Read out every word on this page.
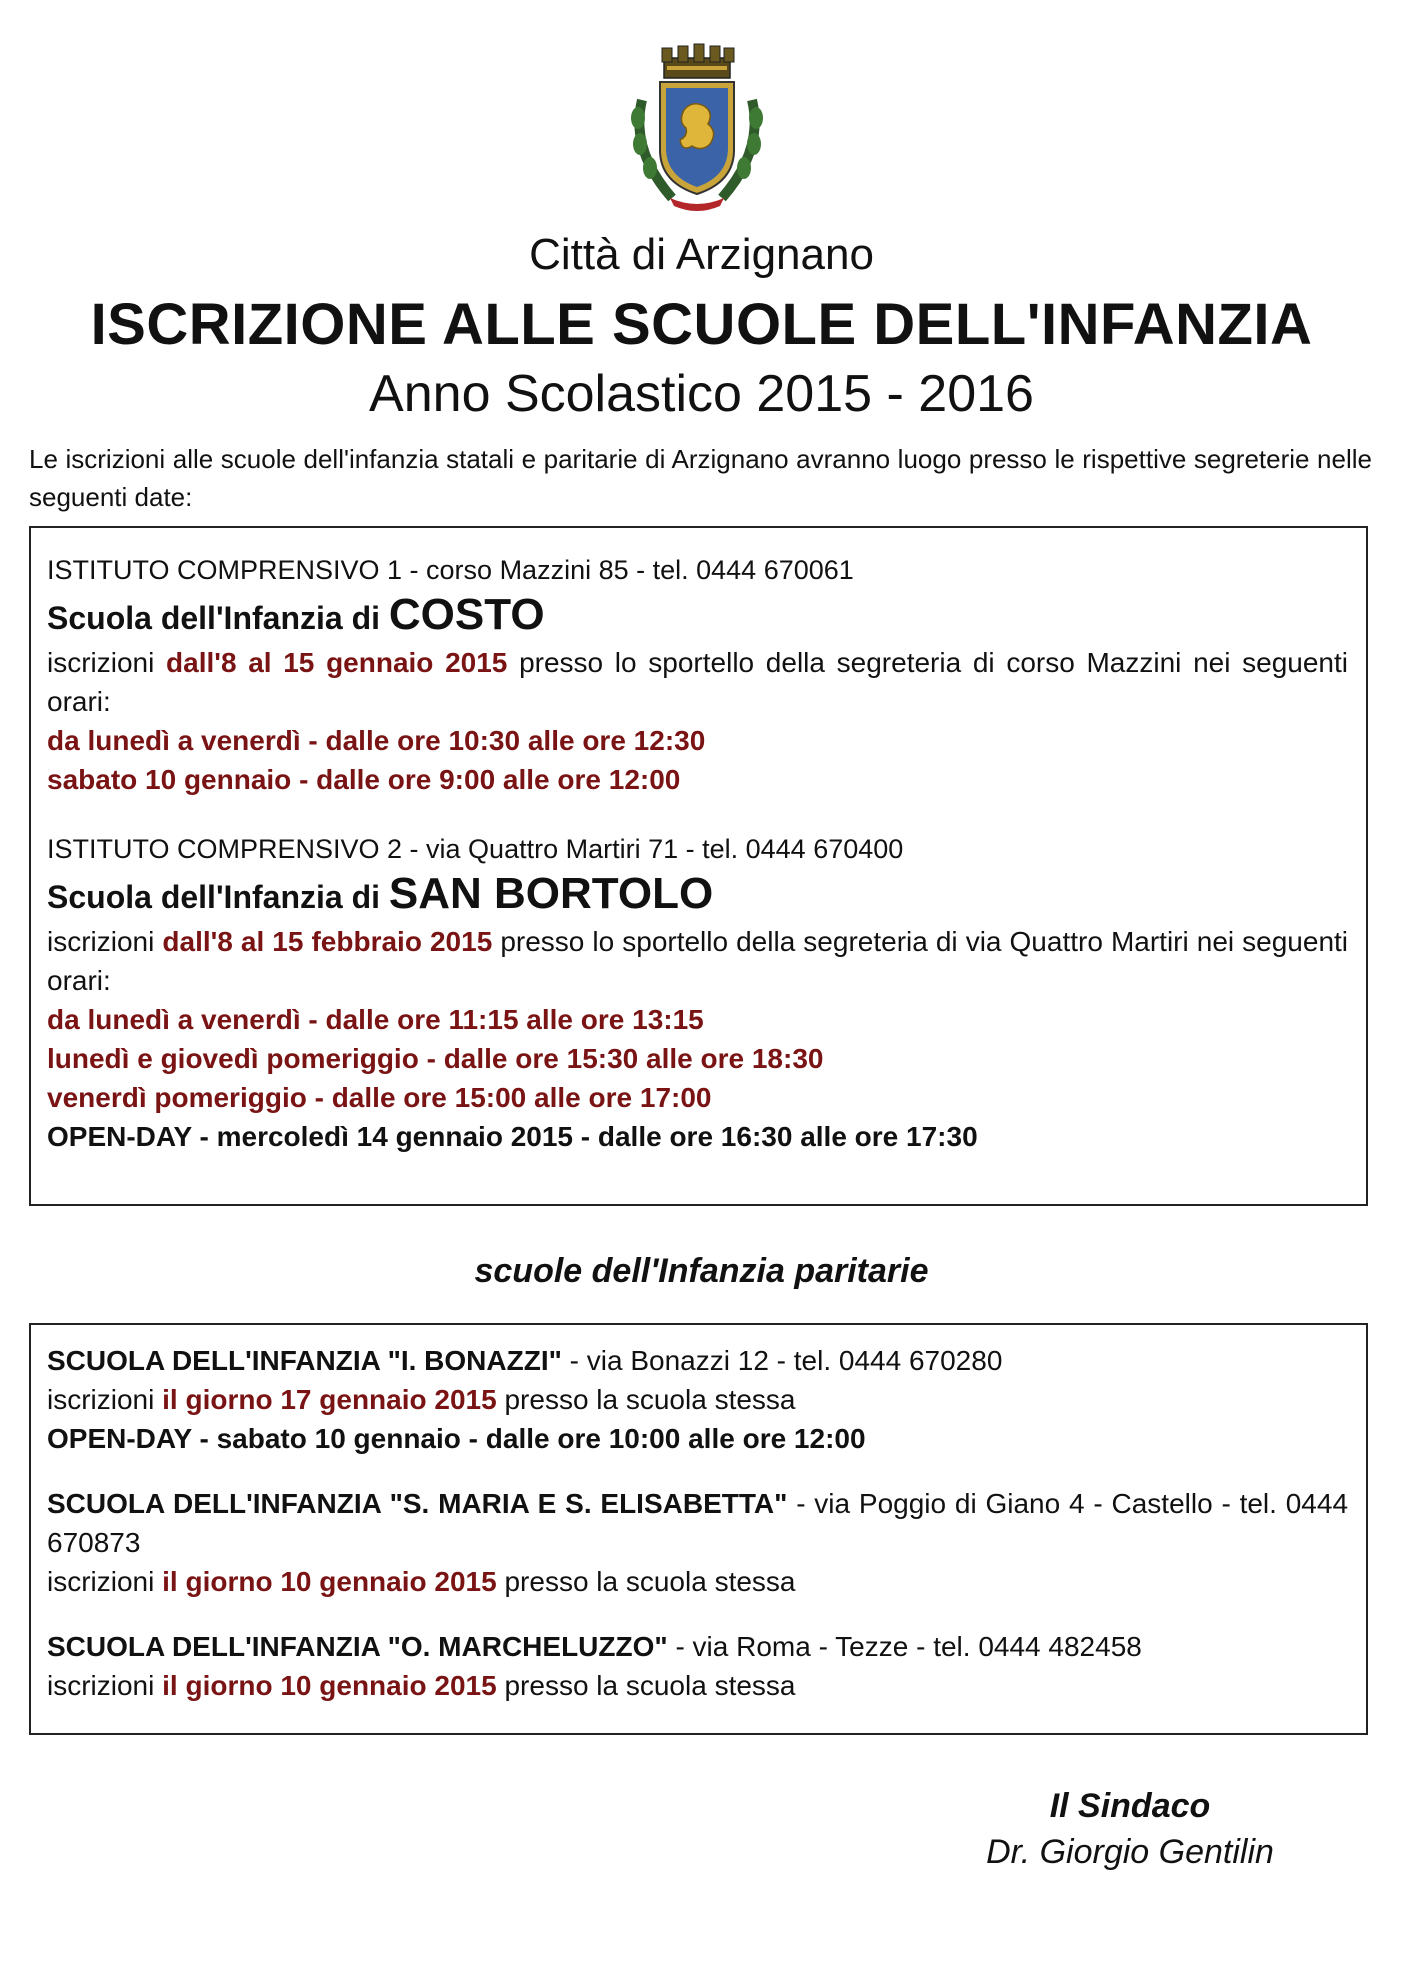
Città di Arzignano
ISCRIZIONE ALLE SCUOLE DELL'INFANZIA
Anno Scolastico 2015 - 2016
Le iscrizioni alle scuole dell'infanzia statali e paritarie di Arzignano avranno luogo presso le rispettive segreterie nelle seguenti date:

ISTITUTO COMPRENSIVO 1 - corso Mazzini 85 - tel. 0444 670061

Scuola dell'Infanzia di COSTO

iscrizioni dall'8 al 15 gennaio 2015 presso lo sportello della segreteria di corso Mazzini nei seguenti orari:

da lunedì a venerdì - dalle ore 10:30 alle ore 12:30

sabato 10 gennaio - dalle ore 9:00 alle ore 12:00

ISTITUTO COMPRENSIVO 2 - via Quattro Martiri 71 - tel. 0444 670400

Scuola dell'Infanzia di SAN BORTOLO

iscrizioni dall'8 al 15 febbraio 2015 presso lo sportello della segreteria di via Quattro Martiri nei seguenti orari:

da lunedì a venerdì - dalle ore 11:15 alle ore 13:15

lunedì e giovedì pomeriggio - dalle ore 15:30 alle ore 18:30

venerdì pomeriggio - dalle ore 15:00 alle ore 17:00

OPEN-DAY - mercoledì 14 gennaio 2015 - dalle ore 16:30 alle ore 17:30

scuole dell'Infanzia paritarie

SCUOLA DELL'INFANZIA "I. BONAZZI" - via Bonazzi 12 - tel. 0444 670280

iscrizioni il giorno 17 gennaio 2015 presso la scuola stessa

OPEN-DAY - sabato 10 gennaio - dalle ore 10:00 alle ore 12:00

SCUOLA DELL'INFANZIA "S. MARIA E S. ELISABETTA" - via Poggio di Giano 4 - Castello - tel. 0444 670873

iscrizioni il giorno 10 gennaio 2015 presso la scuola stessa

SCUOLA DELL'INFANZIA "O. MARCHELUZZO" - via Roma - Tezze - tel. 0444 482458

iscrizioni il giorno 10 gennaio 2015 presso la scuola stessa

Il Sindaco
Dr. Giorgio Gentilin
